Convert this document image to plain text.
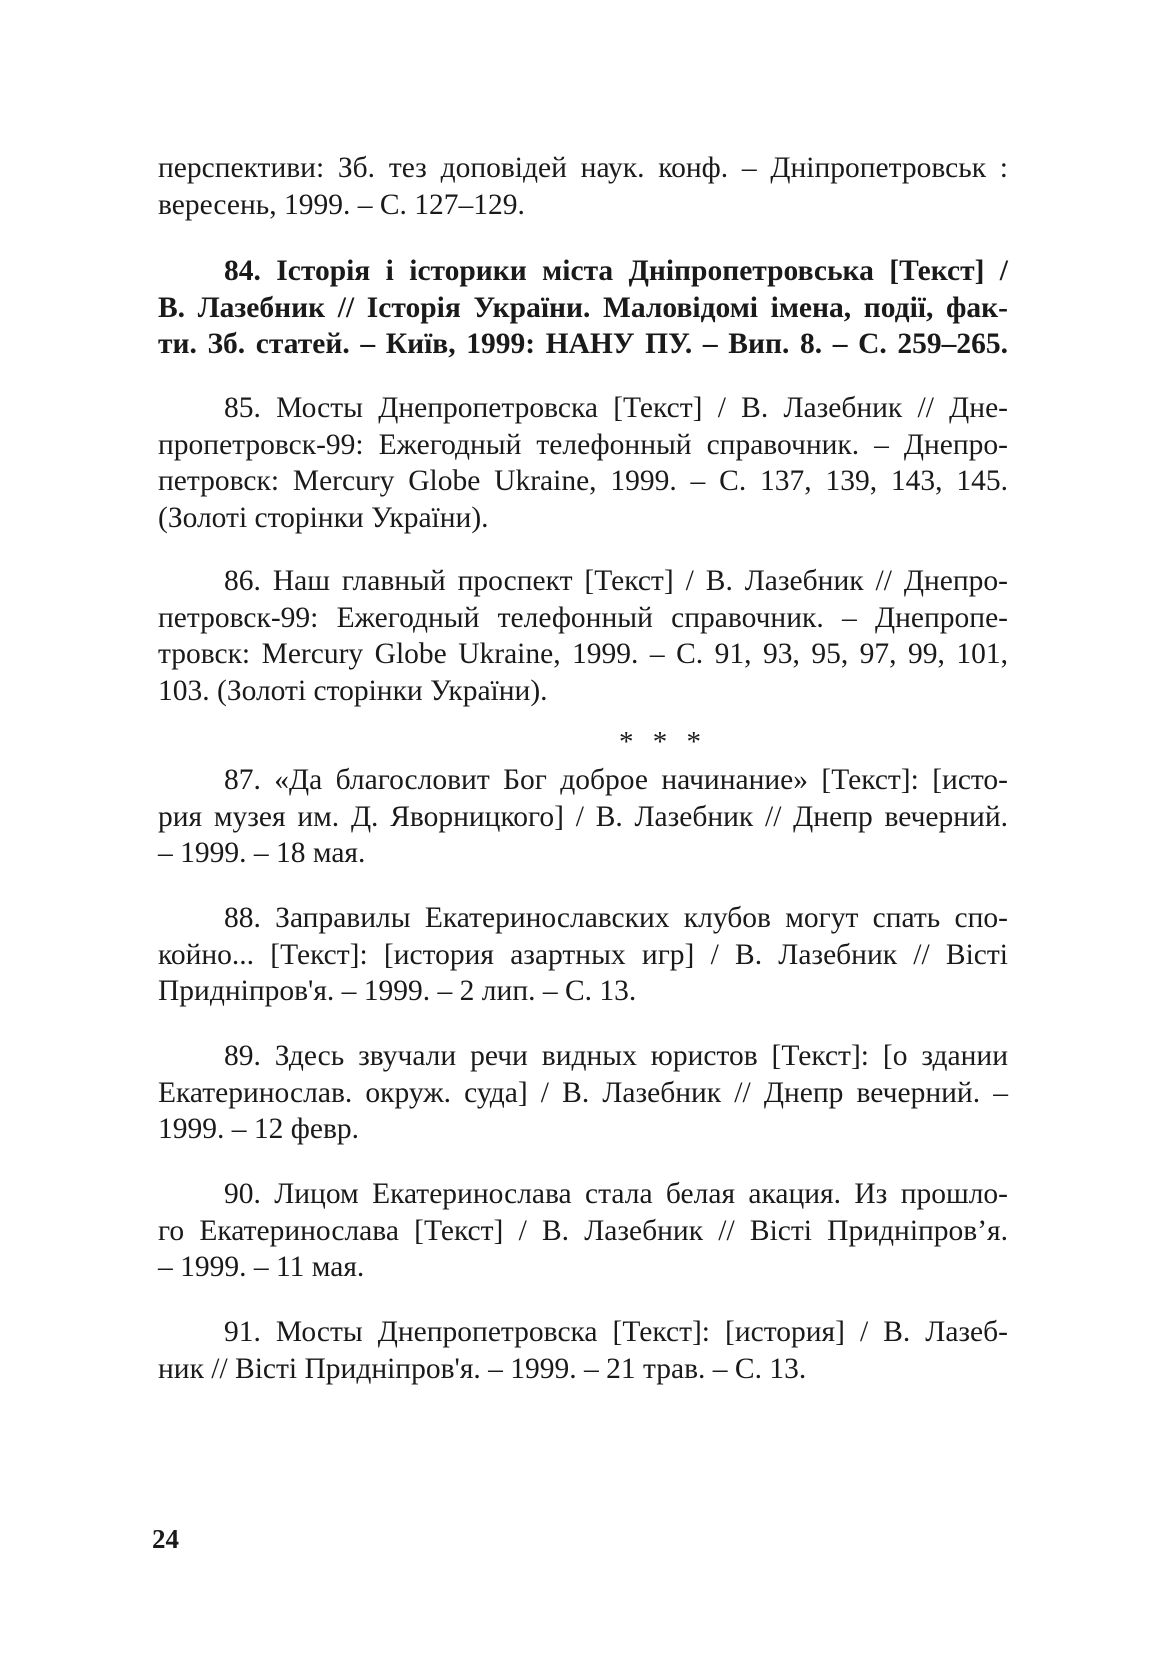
перспективи: Зб. тез доповідей наук. конф. – Дніпропетровськ :
вересень, 1999. – С. 127–129.

84. Історія і історики міста Дніпропетровська [Текст] /
В. Лазебник // Історія України. Маловідомі імена, події, фак-
ти. Зб. статей. – Київ, 1999: НАНУ ПУ. – Вип. 8. – С. 259–265.

85. Мосты Днепропетровска [Текст] / В. Лазебник // Дне-
пропетровск-99: Ежегодный телефонный справочник. – Днепро-
петровск: Mercury Globe Ukraine, 1999. – С. 137, 139, 143, 145.
(Золоті сторінки України).

86. Наш главный проспект [Текст] / В. Лазебник // Днепро-
петровск-99: Ежегодный телефонный справочник. – Днепропе-
тровск: Mercury Globe Ukraine, 1999. – С. 91, 93, 95, 97, 99, 101,
103. (Золоті сторінки України).

* * *

87. «Да благословит Бог доброе начинание» [Текст]: [исто-
рия музея им. Д. Яворницкого] / В. Лазебник // Днепр вечерний.
– 1999. – 18 мая.

88. Заправилы Екатеринославских клубов могут спать спо-
койно... [Текст]: [история азартных игр] / В. Лазебник // Вісті
Придніпров'я. – 1999. – 2 лип. – С. 13.

89. Здесь звучали речи видных юристов [Текст]: [о здании
Екатеринослав. окруж. суда] / В. Лазебник // Днепр вечерний. –
1999. – 12 февр.

90. Лицом Екатеринослава стала белая акация. Из прошло-
го Екатеринослава [Текст] / В. Лазебник // Вісті Придніпров’я.
– 1999. – 11 мая.

91. Мосты Днепропетровска [Текст]: [история] / В. Лазеб-
ник // Вісті Придніпров'я. – 1999. – 21 трав. – С. 13.

24
